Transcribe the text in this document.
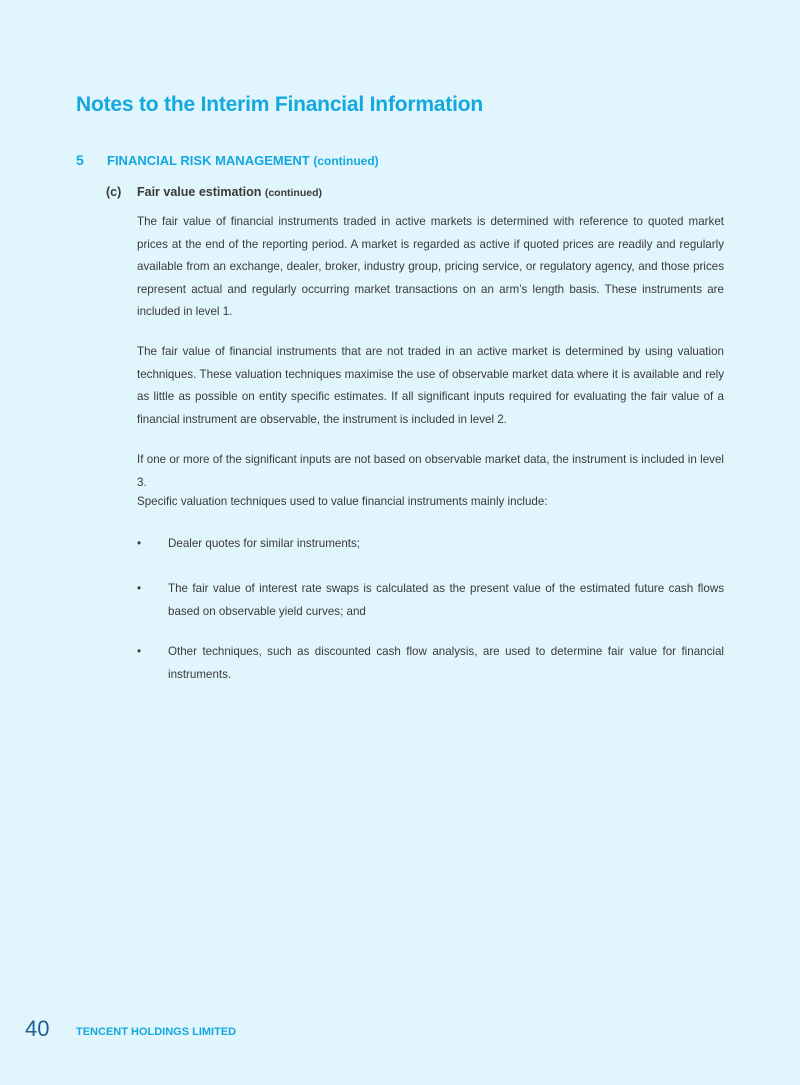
Notes to the Interim Financial Information
5 FINANCIAL RISK MANAGEMENT (continued)
(c) Fair value estimation (continued)

The fair value of financial instruments traded in active markets is determined with reference to quoted market prices at the end of the reporting period. A market is regarded as active if quoted prices are readily and regularly available from an exchange, dealer, broker, industry group, pricing service, or regulatory agency, and those prices represent actual and regularly occurring market transactions on an arm’s length basis. These instruments are included in level 1.

The fair value of financial instruments that are not traded in an active market is determined by using valuation techniques. These valuation techniques maximise the use of observable market data where it is available and rely as little as possible on entity specific estimates. If all significant inputs required for evaluating the fair value of a financial instrument are observable, the instrument is included in level 2.

If one or more of the significant inputs are not based on observable market data, the instrument is included in level 3.

Specific valuation techniques used to value financial instruments mainly include:

•	Dealer quotes for similar instruments;
•	The fair value of interest rate swaps is calculated as the present value of the estimated future cash flows based on observable yield curves; and
•	Other techniques, such as discounted cash flow analysis, are used to determine fair value for financial instruments.
40 TENCENT HOLDINGS LIMITED
